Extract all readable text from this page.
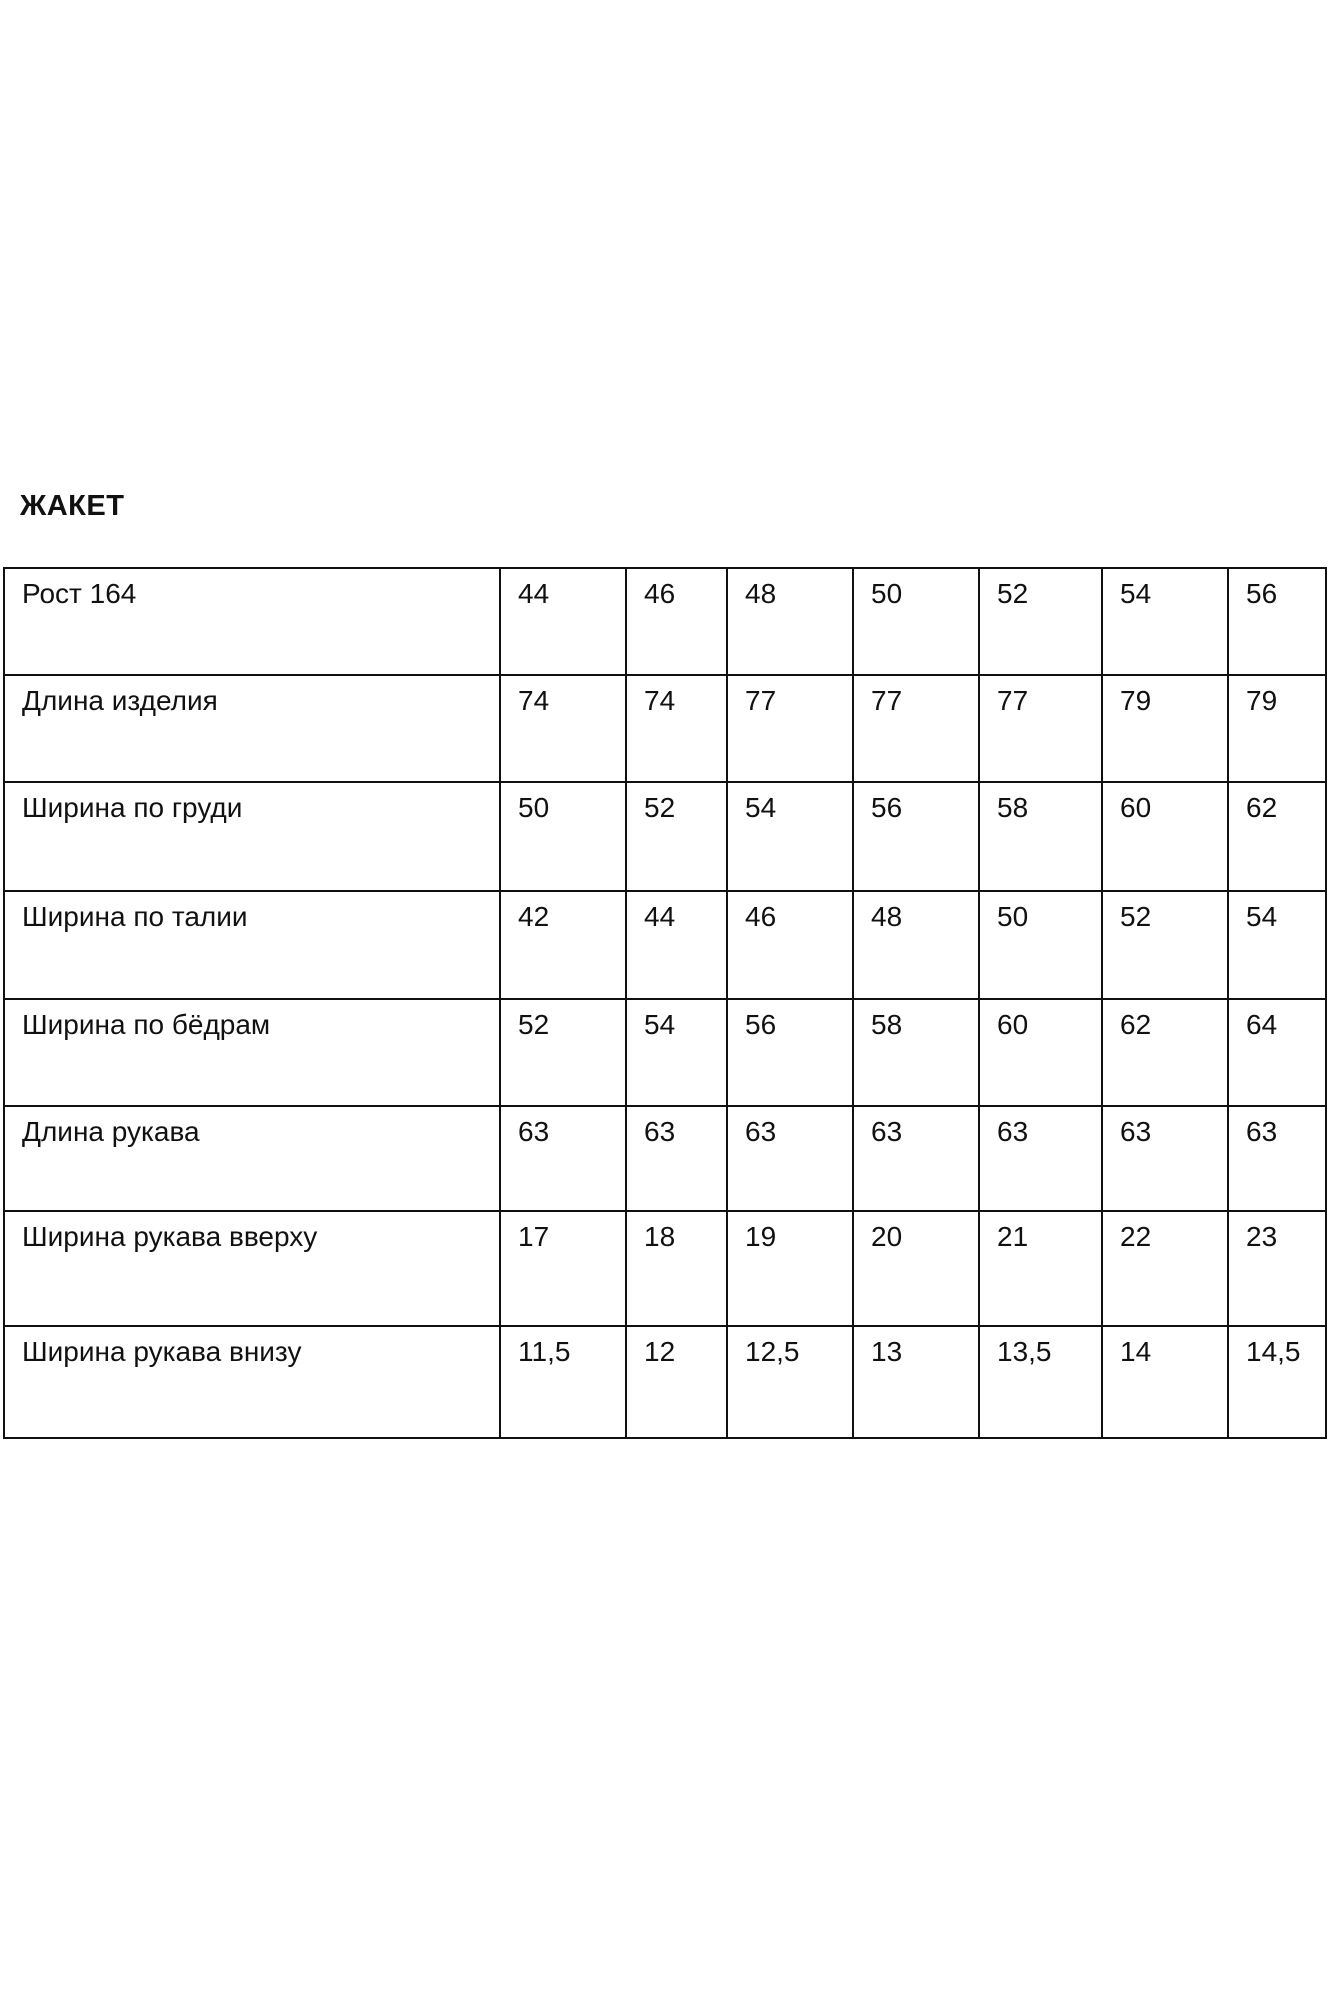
ЖАКЕТ
Рост 164	44	46	48	50	52	54	56
Длина изделия	74	74	77	77	77	79	79
Ширина по груди	50	52	54	56	58	60	62
Ширина по талии	42	44	46	48	50	52	54
Ширина по бёдрам	52	54	56	58	60	62	64
Длина рукава	63	63	63	63	63	63	63
Ширина рукава вверху	17	18	19	20	21	22	23
Ширина рукава внизу	11,5	12	12,5	13	13,5	14	14,5
